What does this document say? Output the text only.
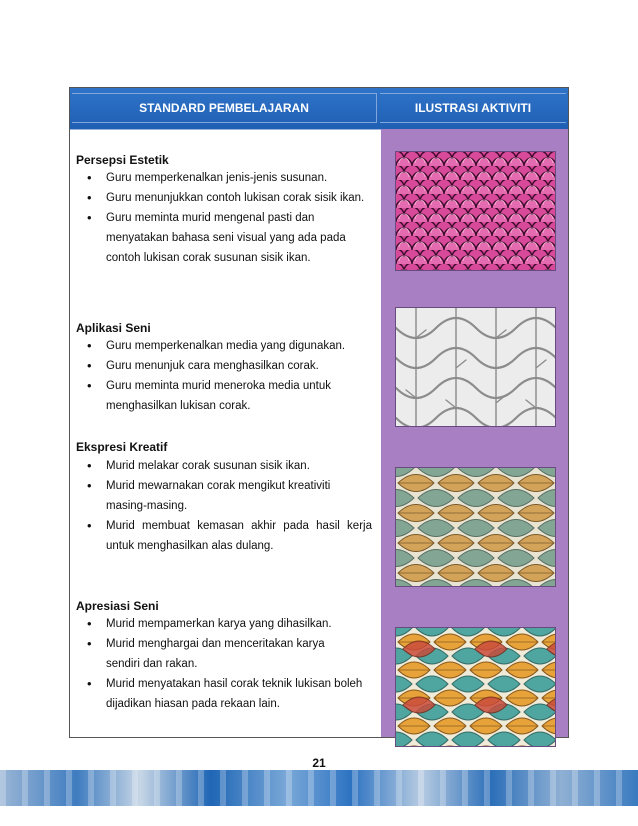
STANDARD PEMBELAJARAN	ILUSTRASI AKTIVITI
Persepsi Estetik
• Guru memperkenalkan jenis-jenis susunan.
• Guru menunjukkan contoh lukisan corak sisik ikan.
• Guru meminta murid mengenal pasti dan menyatakan bahasa seni visual yang ada pada contoh lukisan corak susunan sisik ikan.
Aplikasi Seni
• Guru memperkenalkan media yang digunakan.
• Guru menunjuk cara menghasilkan corak.
• Guru meminta murid meneroka media untuk menghasilkan lukisan corak.
Ekspresi Kreatif
• Murid melakar corak susunan sisik ikan.
• Murid mewarnakan corak mengikut kreativiti masing-masing.
• Murid membuat kemasan akhir pada hasil kerja untuk menghasilkan alas dulang.
Apresiasi Seni
• Murid mempamerkan karya yang dihasilkan.
• Murid menghargai dan menceritakan karya sendiri dan rakan.
• Murid menyatakan hasil corak teknik lukisan boleh dijadikan hiasan pada rekaan lain.
21
